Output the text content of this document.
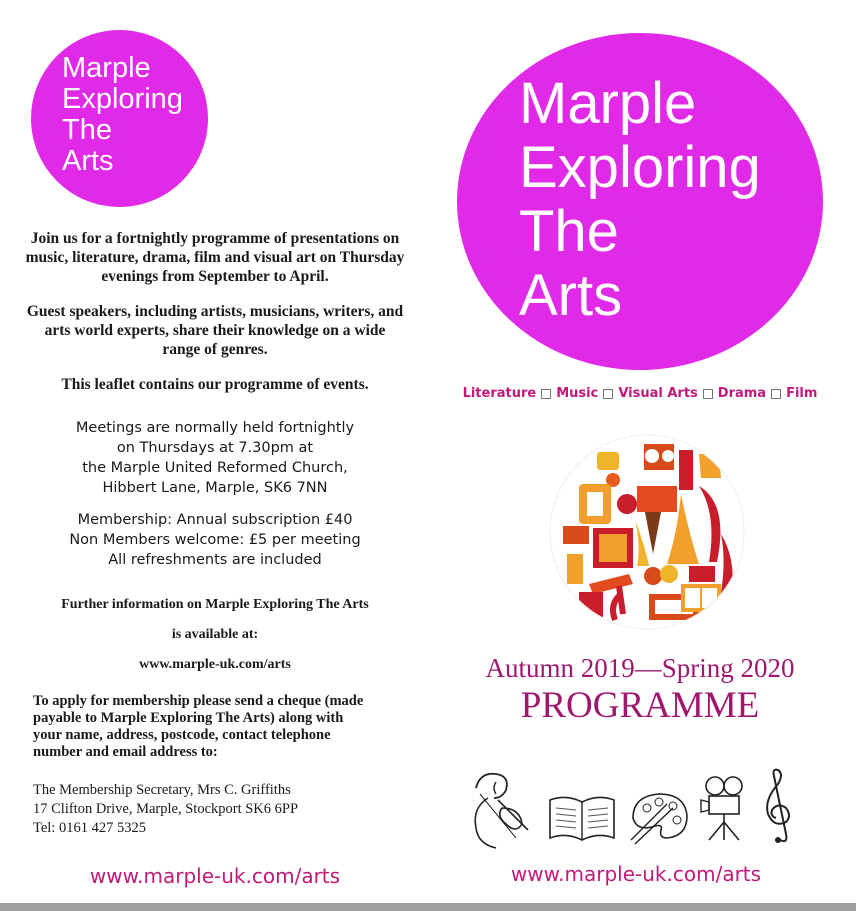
Marple
Exploring
The
Arts

Join us for a fortnightly programme of presentations on music, literature, drama, film and visual art on Thursday evenings from September to April.

Guest speakers, including artists, musicians, writers, and arts world experts, share their knowledge on a wide range of genres.

This leaflet contains our programme of events.

Meetings are normally held fortnightly
on Thursdays at 7.30pm at
the Marple United Reformed Church,
Hibbert Lane, Marple, SK6 7NN
Membership: Annual subscription £40
Non Members welcome: £5 per meeting
All refreshments are included
Further information on Marple Exploring The Arts
is available at:
www.marple-uk.com/arts
To apply for membership please send a cheque (made
payable to Marple Exploring The Arts) along with
your name, address, postcode, contact telephone
number and email address to:
The Membership Secretary, Mrs C. Griffiths
17 Clifton Drive, Marple, Stockport SK6 6PP
Tel: 0161 427 5325
www.marple-uk.com/arts
Marple
Exploring
The
Arts
Literature Music Visual Arts Drama Film
Autumn 2019—Spring 2020
PROGRAMME
www.marple-uk.com/arts
